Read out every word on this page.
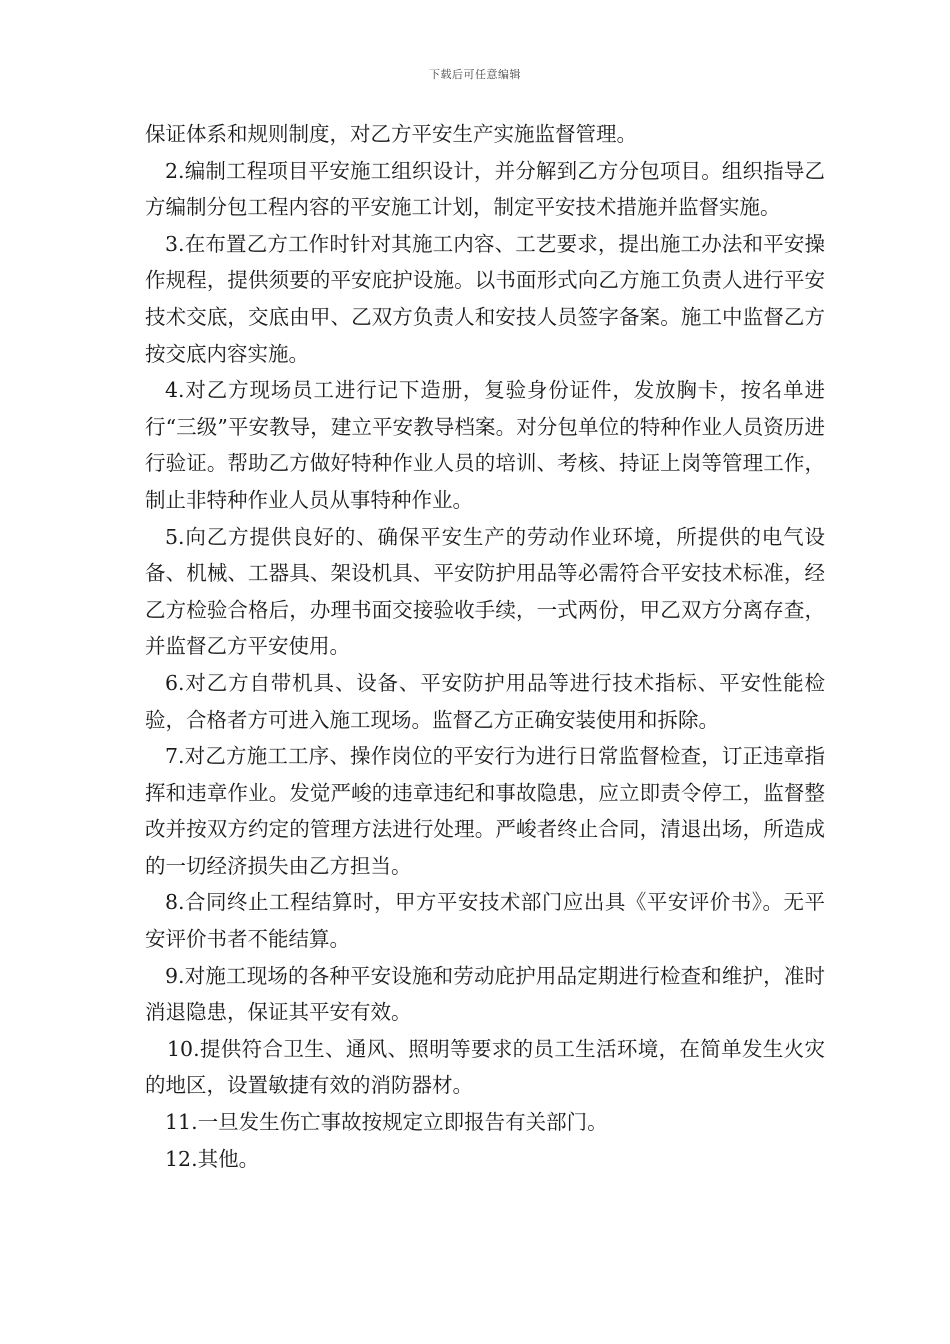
下载后可任意编辑

保证体系和规则制度，对乙方平安生产实施监督管理。

2.编制工程项目平安施工组织设计，并分解到乙方分包项目。组织指导乙方编制分包工程内容的平安施工计划，制定平安技术措施并监督实施。

3.在布置乙方工作时针对其施工内容、工艺要求，提出施工办法和平安操作规程，提供须要的平安庇护设施。以书面形式向乙方施工负责人进行平安技术交底，交底由甲、乙双方负责人和安技人员签字备案。施工中监督乙方按交底内容实施。

4.对乙方现场员工进行记下造册，复验身份证件，发放胸卡，按名单进行“三级”平安教导，建立平安教导档案。对分包单位的特种作业人员资历进行验证。帮助乙方做好特种作业人员的培训、考核、持证上岗等管理工作，制止非特种作业人员从事特种作业。

5.向乙方提供良好的、确保平安生产的劳动作业环境，所提供的电气设备、机械、工器具、架设机具、平安防护用品等必需符合平安技术标准，经乙方检验合格后，办理书面交接验收手续，一式两份，甲乙双方分离存查，并监督乙方平安使用。

6.对乙方自带机具、设备、平安防护用品等进行技术指标、平安性能检验，合格者方可进入施工现场。监督乙方正确安装使用和拆除。

7.对乙方施工工序、操作岗位的平安行为进行日常监督检查，订正违章指挥和违章作业。发觉严峻的违章违纪和事故隐患，应立即责令停工，监督整改并按双方约定的管理方法进行处理。严峻者终止合同，清退出场，所造成的一切经济损失由乙方担当。

8.合同终止工程结算时，甲方平安技术部门应出具《平安评价书》。无平安评价书者不能结算。

9.对施工现场的各种平安设施和劳动庇护用品定期进行检查和维护，准时消退隐患，保证其平安有效。

10.提供符合卫生、通风、照明等要求的员工生活环境，在简单发生火灾的地区，设置敏捷有效的消防器材。

11.一旦发生伤亡事故按规定立即报告有关部门。

12.其他。
